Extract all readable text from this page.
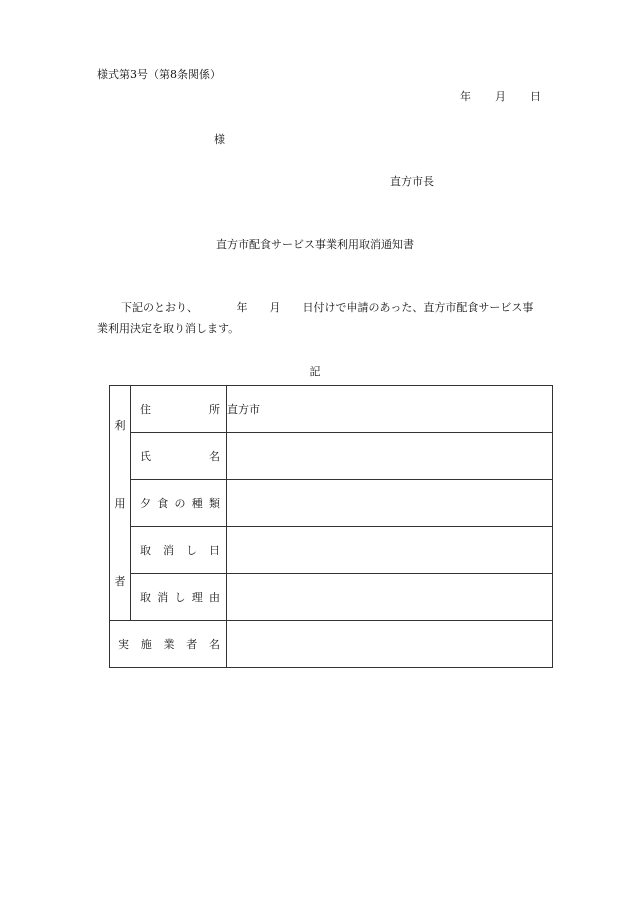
様式第3号（第8条関係）
年 月 日
様
直方市長
直方市配食サービス事業利用取消通知書
下記のとおり、　　　　年　　月　　日付けで申請のあった、直方市配食サービス事
業利用決定を取り消します。
記
利
用
者	住 所	直方市

	氏 名	

	夕 食 の 種 類	

	取 消 し 日	

	取 消 し 理 由	

実 施 業 者 名		
